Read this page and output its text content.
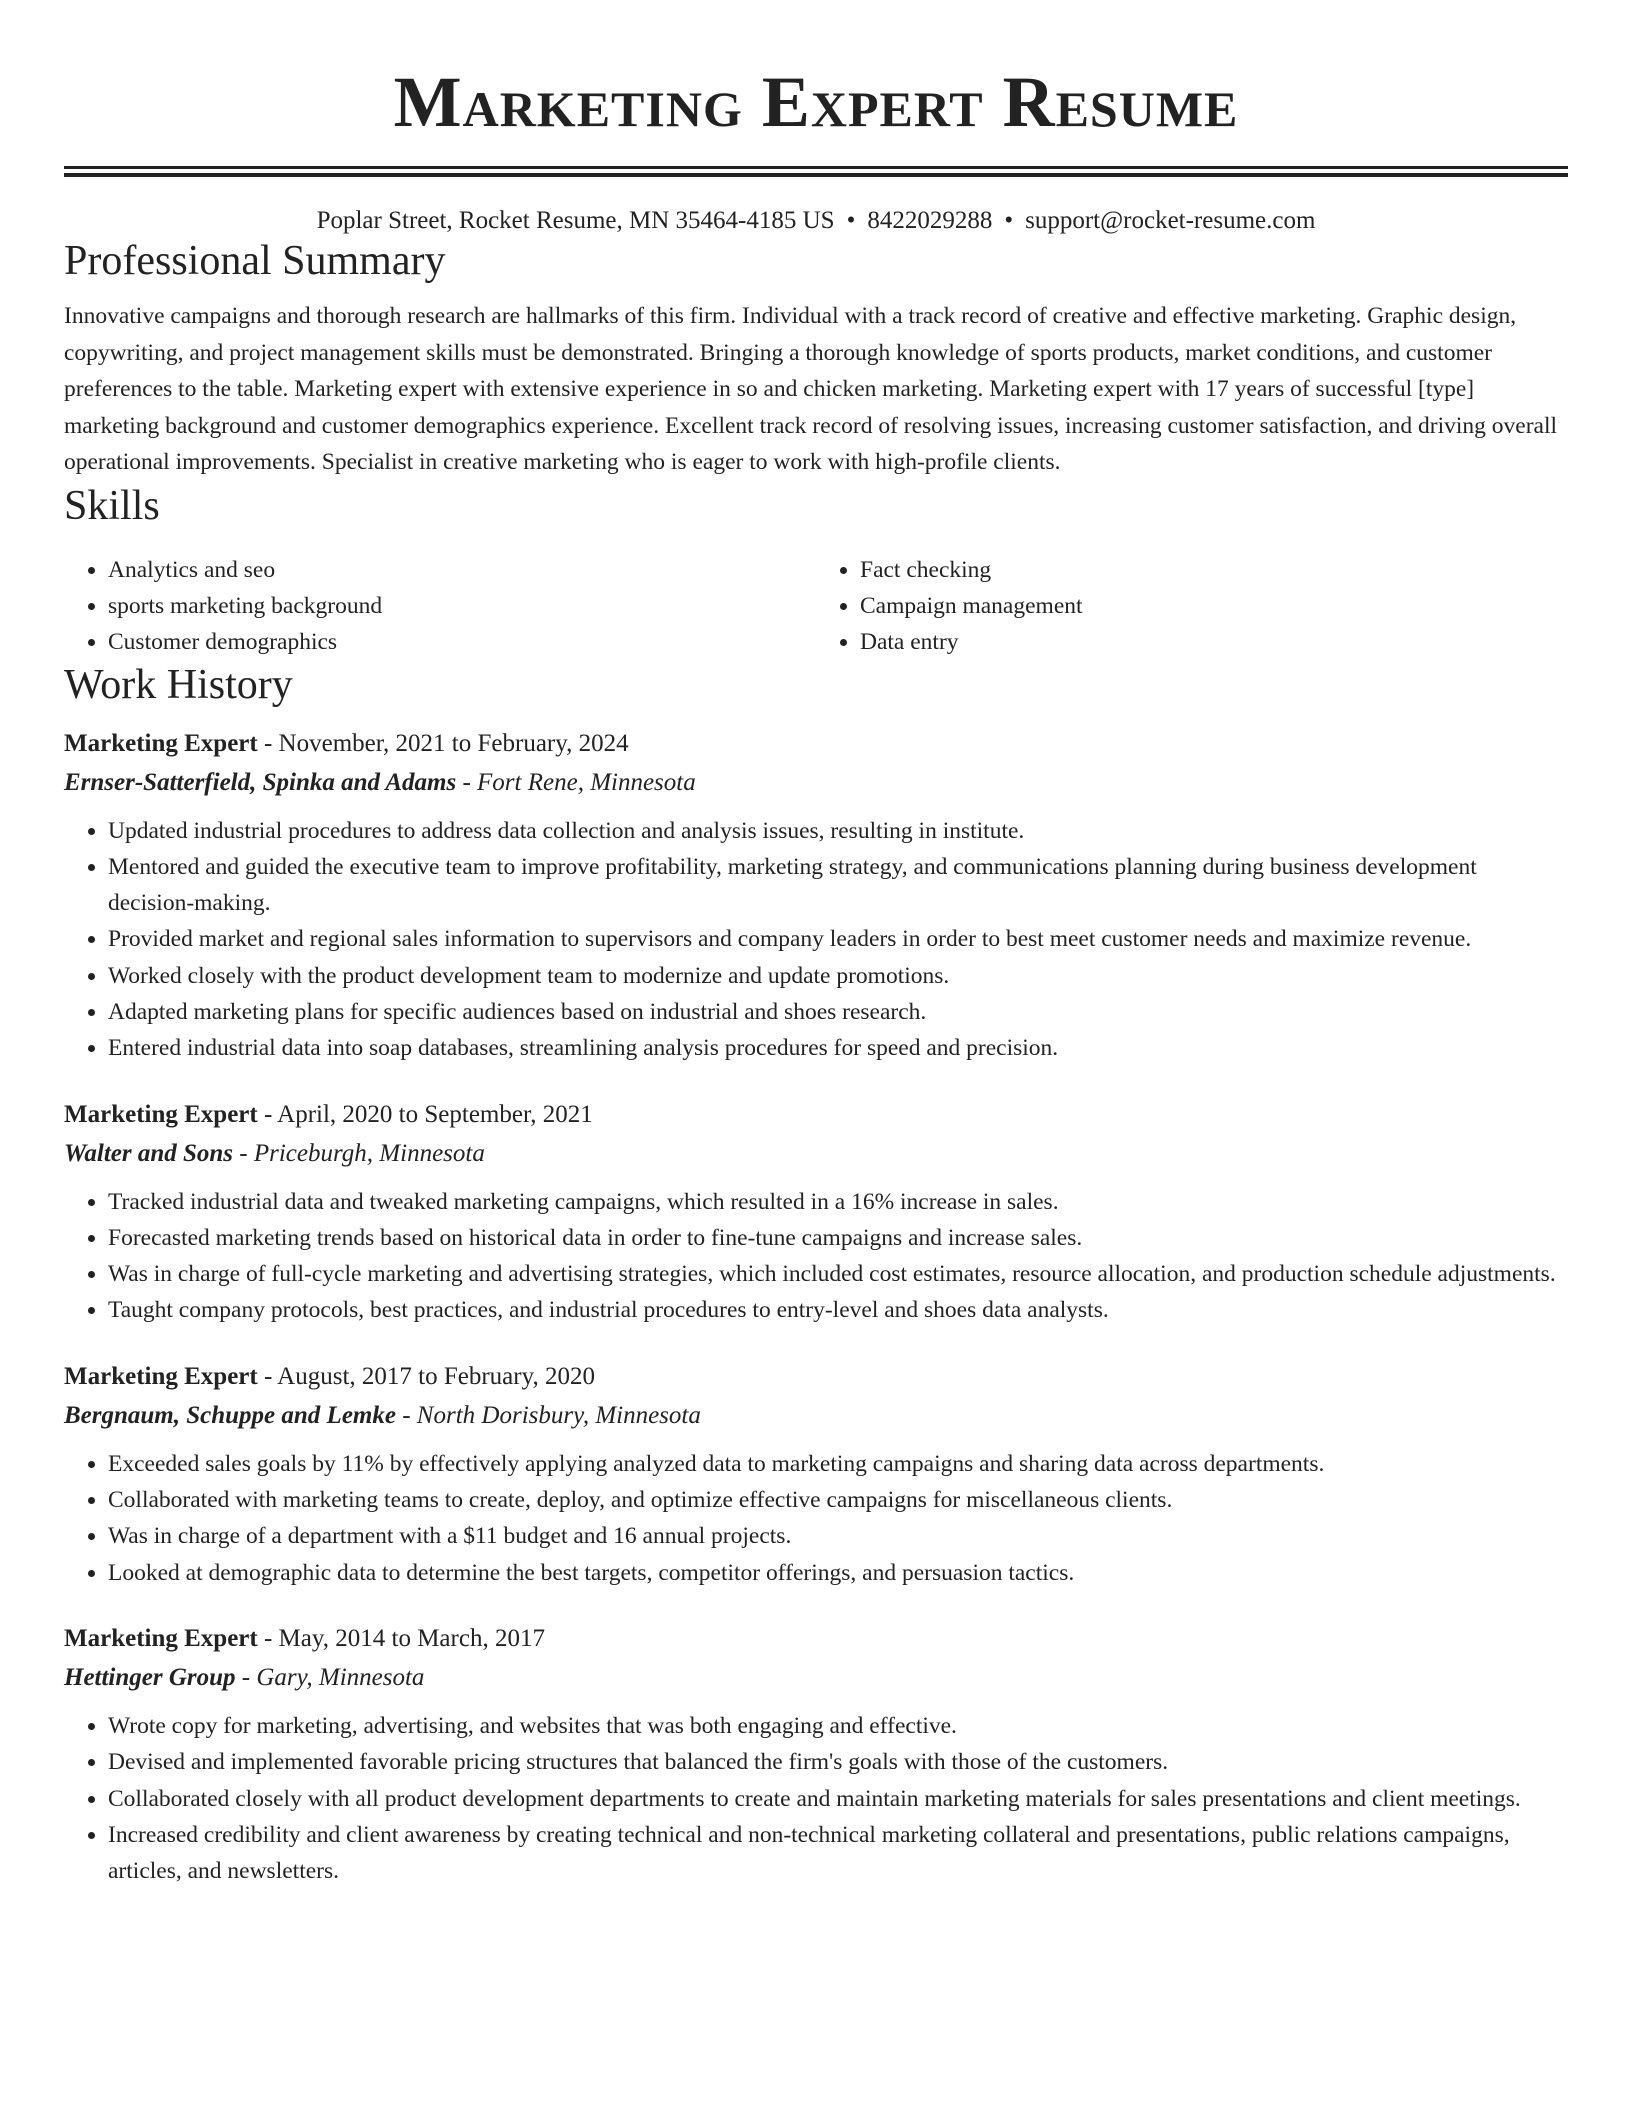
Marketing Expert Resume
Poplar Street, Rocket Resume, MN 35464-4185 US • 8422029288 • support@rocket-resume.com
Professional Summary

Innovative campaigns and thorough research are hallmarks of this firm. Individual with a track record of creative and effective marketing. Graphic design, copywriting, and project management skills must be demonstrated. Bringing a thorough knowledge of sports products, market conditions, and customer preferences to the table. Marketing expert with extensive experience in so and chicken marketing. Marketing expert with 17 years of successful [type] marketing background and customer demographics experience. Excellent track record of resolving issues, increasing customer satisfaction, and driving overall operational improvements. Specialist in creative marketing who is eager to work with high-profile clients.

Skills
• Analytics and seo
• sports marketing background
• Customer demographics
• Fact checking
• Campaign management
• Data entry
Work History
Marketing Expert - November, 2021 to February, 2024
Ernser-Satterfield, Spinka and Adams - Fort Rene, Minnesota
• Updated industrial procedures to address data collection and analysis issues, resulting in institute.
• Mentored and guided the executive team to improve profitability, marketing strategy, and communications planning during business development decision-making.
• Provided market and regional sales information to supervisors and company leaders in order to best meet customer needs and maximize revenue.
• Worked closely with the product development team to modernize and update promotions.
• Adapted marketing plans for specific audiences based on industrial and shoes research.
• Entered industrial data into soap databases, streamlining analysis procedures for speed and precision.
Marketing Expert - April, 2020 to September, 2021
Walter and Sons - Priceburgh, Minnesota
• Tracked industrial data and tweaked marketing campaigns, which resulted in a 16% increase in sales.
• Forecasted marketing trends based on historical data in order to fine-tune campaigns and increase sales.
• Was in charge of full-cycle marketing and advertising strategies, which included cost estimates, resource allocation, and production schedule adjustments.
• Taught company protocols, best practices, and industrial procedures to entry-level and shoes data analysts.
Marketing Expert - August, 2017 to February, 2020
Bergnaum, Schuppe and Lemke - North Dorisbury, Minnesota
• Exceeded sales goals by 11% by effectively applying analyzed data to marketing campaigns and sharing data across departments.
• Collaborated with marketing teams to create, deploy, and optimize effective campaigns for miscellaneous clients.
• Was in charge of a department with a $11 budget and 16 annual projects.
• Looked at demographic data to determine the best targets, competitor offerings, and persuasion tactics.
Marketing Expert - May, 2014 to March, 2017
Hettinger Group - Gary, Minnesota
• Wrote copy for marketing, advertising, and websites that was both engaging and effective.
• Devised and implemented favorable pricing structures that balanced the firm's goals with those of the customers.
• Collaborated closely with all product development departments to create and maintain marketing materials for sales presentations and client meetings.
• Increased credibility and client awareness by creating technical and non-technical marketing collateral and presentations, public relations campaigns, articles, and newsletters.
